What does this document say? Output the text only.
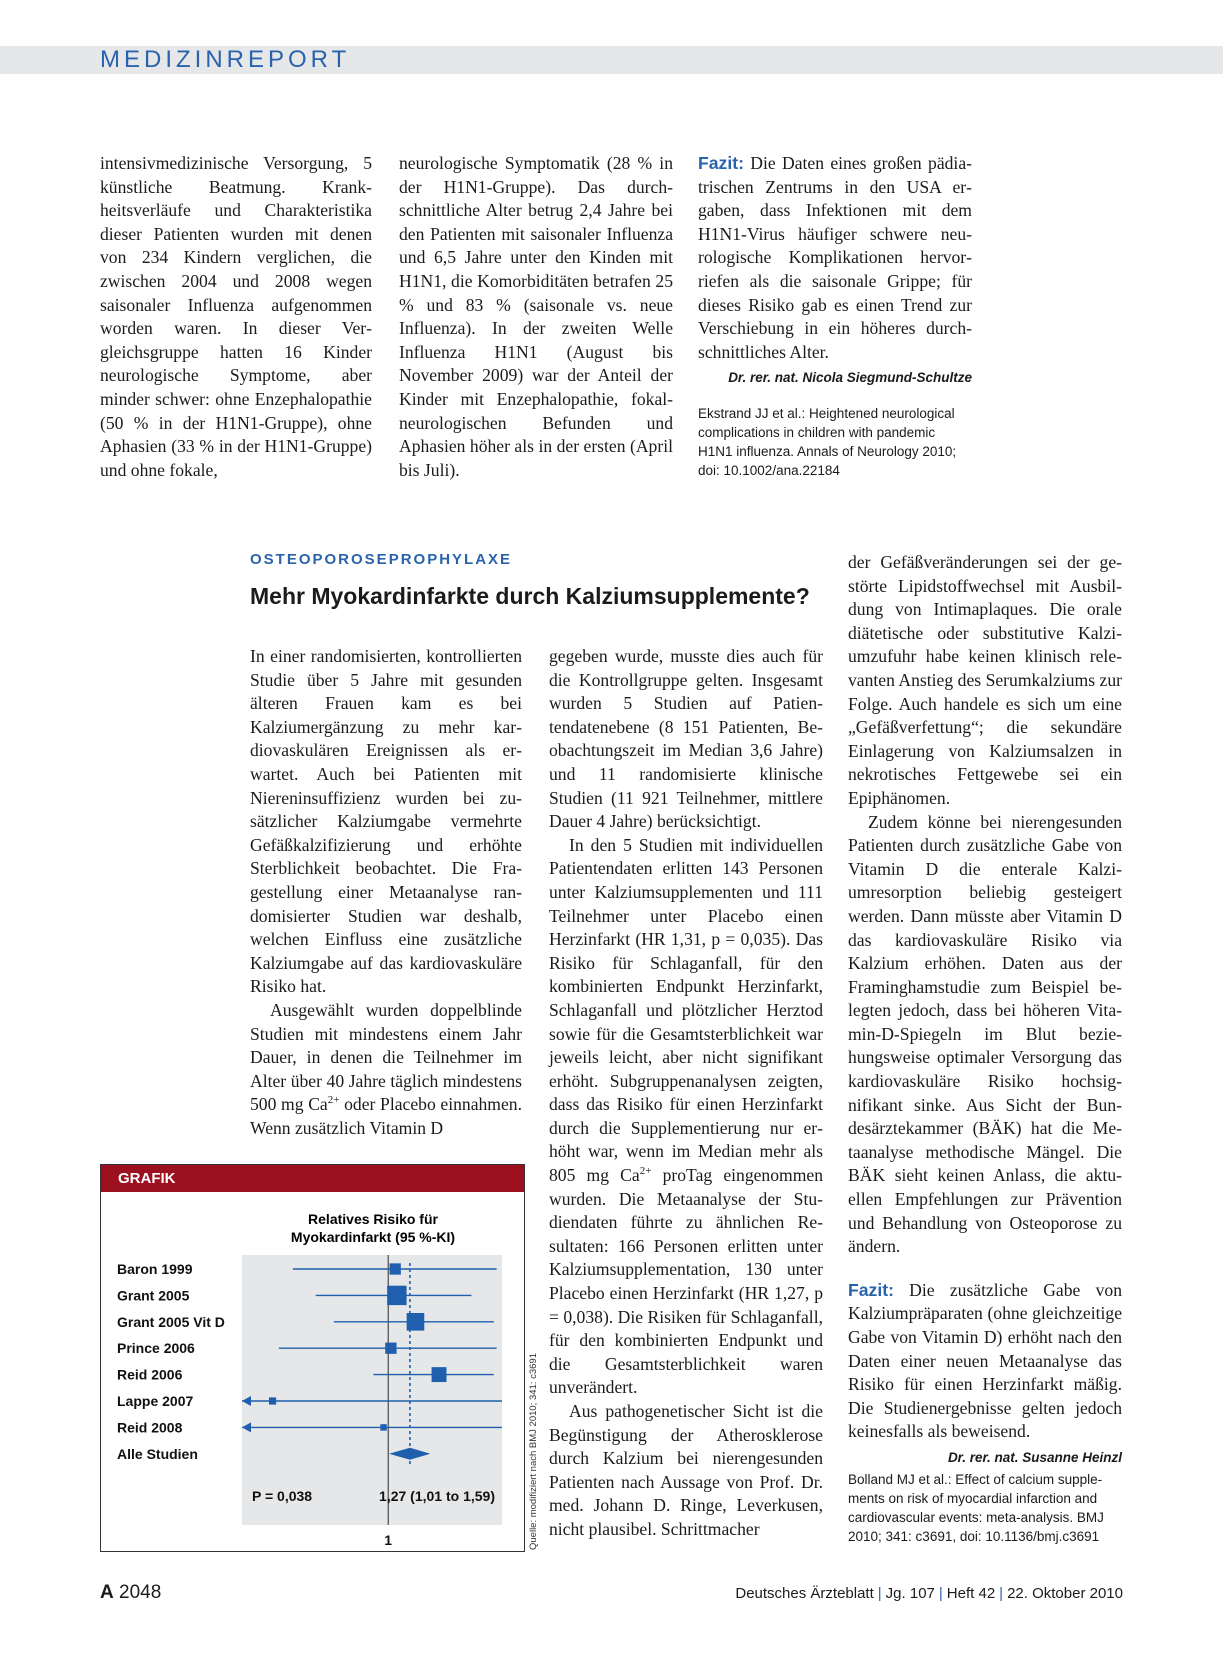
MEDIZINREPORT

intensivmedizinische Versorgung, 5 künstliche Beatmung. Krankheitsverläufe und Charakteristika dieser Patienten wurden mit denen von 234 Kindern verglichen, die zwischen 2004 und 2008 wegen saisonaler Influenza aufgenommen worden waren. In dieser Vergleichsgruppe hatten 16 Kinder neurologische Symptome, aber minder schwer: ohne Enzephalopathie (50 % in der H1N1-Gruppe), ohne Aphasien (33 % in der H1N1-Gruppe) und ohne fokale,

neurologische Symptomatik (28 % in der H1N1-Gruppe). Das durchschnittliche Alter betrug 2,4 Jahre bei den Patienten mit saisonaler Influenza und 6,5 Jahre unter den Kinden mit H1N1, die Komorbiditäten betrafen 25 % und 83 % (saisonale vs. neue Influenza). In der zweiten Welle Influenza H1N1 (August bis November 2009) war der Anteil der Kinder mit Enzephalopathie, fokal-neurologischen Befunden und Aphasien höher als in der ersten (April bis Juli).

Fazit: Die Daten eines großen pädiatrischen Zentrums in den USA ergaben, dass Infektionen mit dem H1N1-Virus häufiger schwere neurologische Komplikationen hervorriefen als die saisonale Grippe; für dieses Risiko gab es einen Trend zur Verschiebung in ein höheres durchschnittliches Alter.

Dr. rer. nat. Nicola Siegmund-Schultze
Ekstrand JJ et al.: Heightened neurological complications in children with pandemic H1N1 influenza. Annals of Neurology 2010; doi: 10.1002/ana.22184
OSTEOPOROSEPROPHYLAXE
Mehr Myokardinfarkte durch Kalziumsupplemente?

In einer randomisierten, kontrollierten Studie über 5 Jahre mit gesunden älteren Frauen kam es bei Kalziumergänzung zu mehr kardiovaskulären Ereignissen als erwartet. Auch bei Patienten mit Niereninsuffizienz wurden bei zusätzlicher Kalziumgabe vermehrte Gefäßkalzifizierung und erhöhte Sterblichkeit beobachtet. Die Fragestellung einer Metaanalyse randomisierter Studien war deshalb, welchen Einfluss eine zusätzliche Kalziumgabe auf das kardiovaskuläre Risiko hat.

Ausgewählt wurden doppelblinde Studien mit mindestens einem Jahr Dauer, in denen die Teilnehmer im Alter über 40 Jahre täglich mindestens 500 mg $Ca^{2+}$ oder Placebo einnahmen. Wenn zusätzlich Vitamin D

gegeben wurde, musste dies auch für die Kontrollgruppe gelten. Insgesamt wurden 5 Studien auf Patientendatenebene (8 151 Patienten, Beobachtungszeit im Median 3,6 Jahre) und 11 randomisierte klinische Studien (11 921 Teilnehmer, mittlere Dauer 4 Jahre) berücksichtigt.

In den 5 Studien mit individuellen Patientendaten erlitten 143 Personen unter Kalziumsupplementen und 111 Teilnehmer unter Placebo einen Herzinfarkt (HR 1,31, p = 0,035). Das Risiko für Schlaganfall, für den kombinierten Endpunkt Herzinfarkt, Schlaganfall und plötzlicher Herztod sowie für die Gesamtsterblichkeit war jeweils leicht, aber nicht signifikant erhöht. Subgruppenanalysen zeigten, dass das Risiko für einen Herzinfarkt durch die Supplementierung nur erhöht war, wenn im Median mehr als 805 mg $Ca^{2+}$ proTag eingenommen wurden. Die Metaanalyse der Studiendaten führte zu ähnlichen Resultaten: 166 Personen erlitten unter Kalziumsupplementation, 130 unter Placebo einen Herzinfarkt (HR 1,27, p = 0,038). Die Risiken für Schlaganfall, für den kombinierten Endpunkt und die Gesamtsterblichkeit waren unverändert.

Aus pathogenetischer Sicht ist die Begünstigung der Atherosklerose durch Kalzium bei nierengesunden Patienten nach Aussage von Prof. Dr. med. Johann D. Ringe, Leverkusen, nicht plausibel. Schrittmacher

der Gefäßveränderungen sei der gestörte Lipidstoffwechsel mit Ausbildung von Intimaplaques. Die orale diätetische oder substitutive Kalziumzufuhr habe keinen klinisch relevanten Anstieg des Serumkalziums zur Folge. Auch handele es sich um eine „Gefäßverfettung“; die sekundäre Einlagerung von Kalziumsalzen in nekrotisches Fettgewebe sei ein Epiphänomen.

Zudem könne bei nierengesunden Patienten durch zusätzliche Gabe von Vitamin D die enterale Kalziumresorption beliebig gesteigert werden. Dann müsste aber Vitamin D das kardiovaskuläre Risiko via Kalzium erhöhen. Daten aus der Framinghamstudie zum Beispiel belegten jedoch, dass bei höheren Vitamin-D-Spiegeln im Blut beziehungsweise optimaler Versorgung das kardiovaskuläre Risiko hochsignifikant sinke. Aus Sicht der Bundesärztekammer (BÄK) hat die Metaanalyse methodische Mängel. Die BÄK sieht keinen Anlass, die aktuellen Empfehlungen zur Prävention und Behandlung von Osteoporose zu ändern.

Fazit: Die zusätzliche Gabe von Kalziumpräparaten (ohne gleichzeitige Gabe von Vitamin D) erhöht nach den Daten einer neuen Metaanalyse das Risiko für einen Herzinfarkt mäßig. Die Studienergebnisse gelten jedoch keinesfalls als beweisend.
Dr. rer. nat. Susanne Heinzl

Bolland MJ et al.: Effect of calcium supplements on risk of myocardial infarction and cardiovascular events: meta-analysis. BMJ 2010; 341: c3691, doi: 10.1136/bmj.c3691
GRAFIK
Relatives Risiko für
Myokardinfarkt (95 %-KI)
Baron 1999
Grant 2005
Grant 2005 Vit D
Prince 2006
Reid 2006
Lappe 2007
Reid 2008
Alle Studien
P = 0,038	1,27 (1,01 to 1,59)
1	Quelle: modifiziert nach BMJ 2010; 341: c3691
A 2048	Deutsches Ärzteblatt | Jg. 107 | Heft 42 | 22. Oktober 2010
